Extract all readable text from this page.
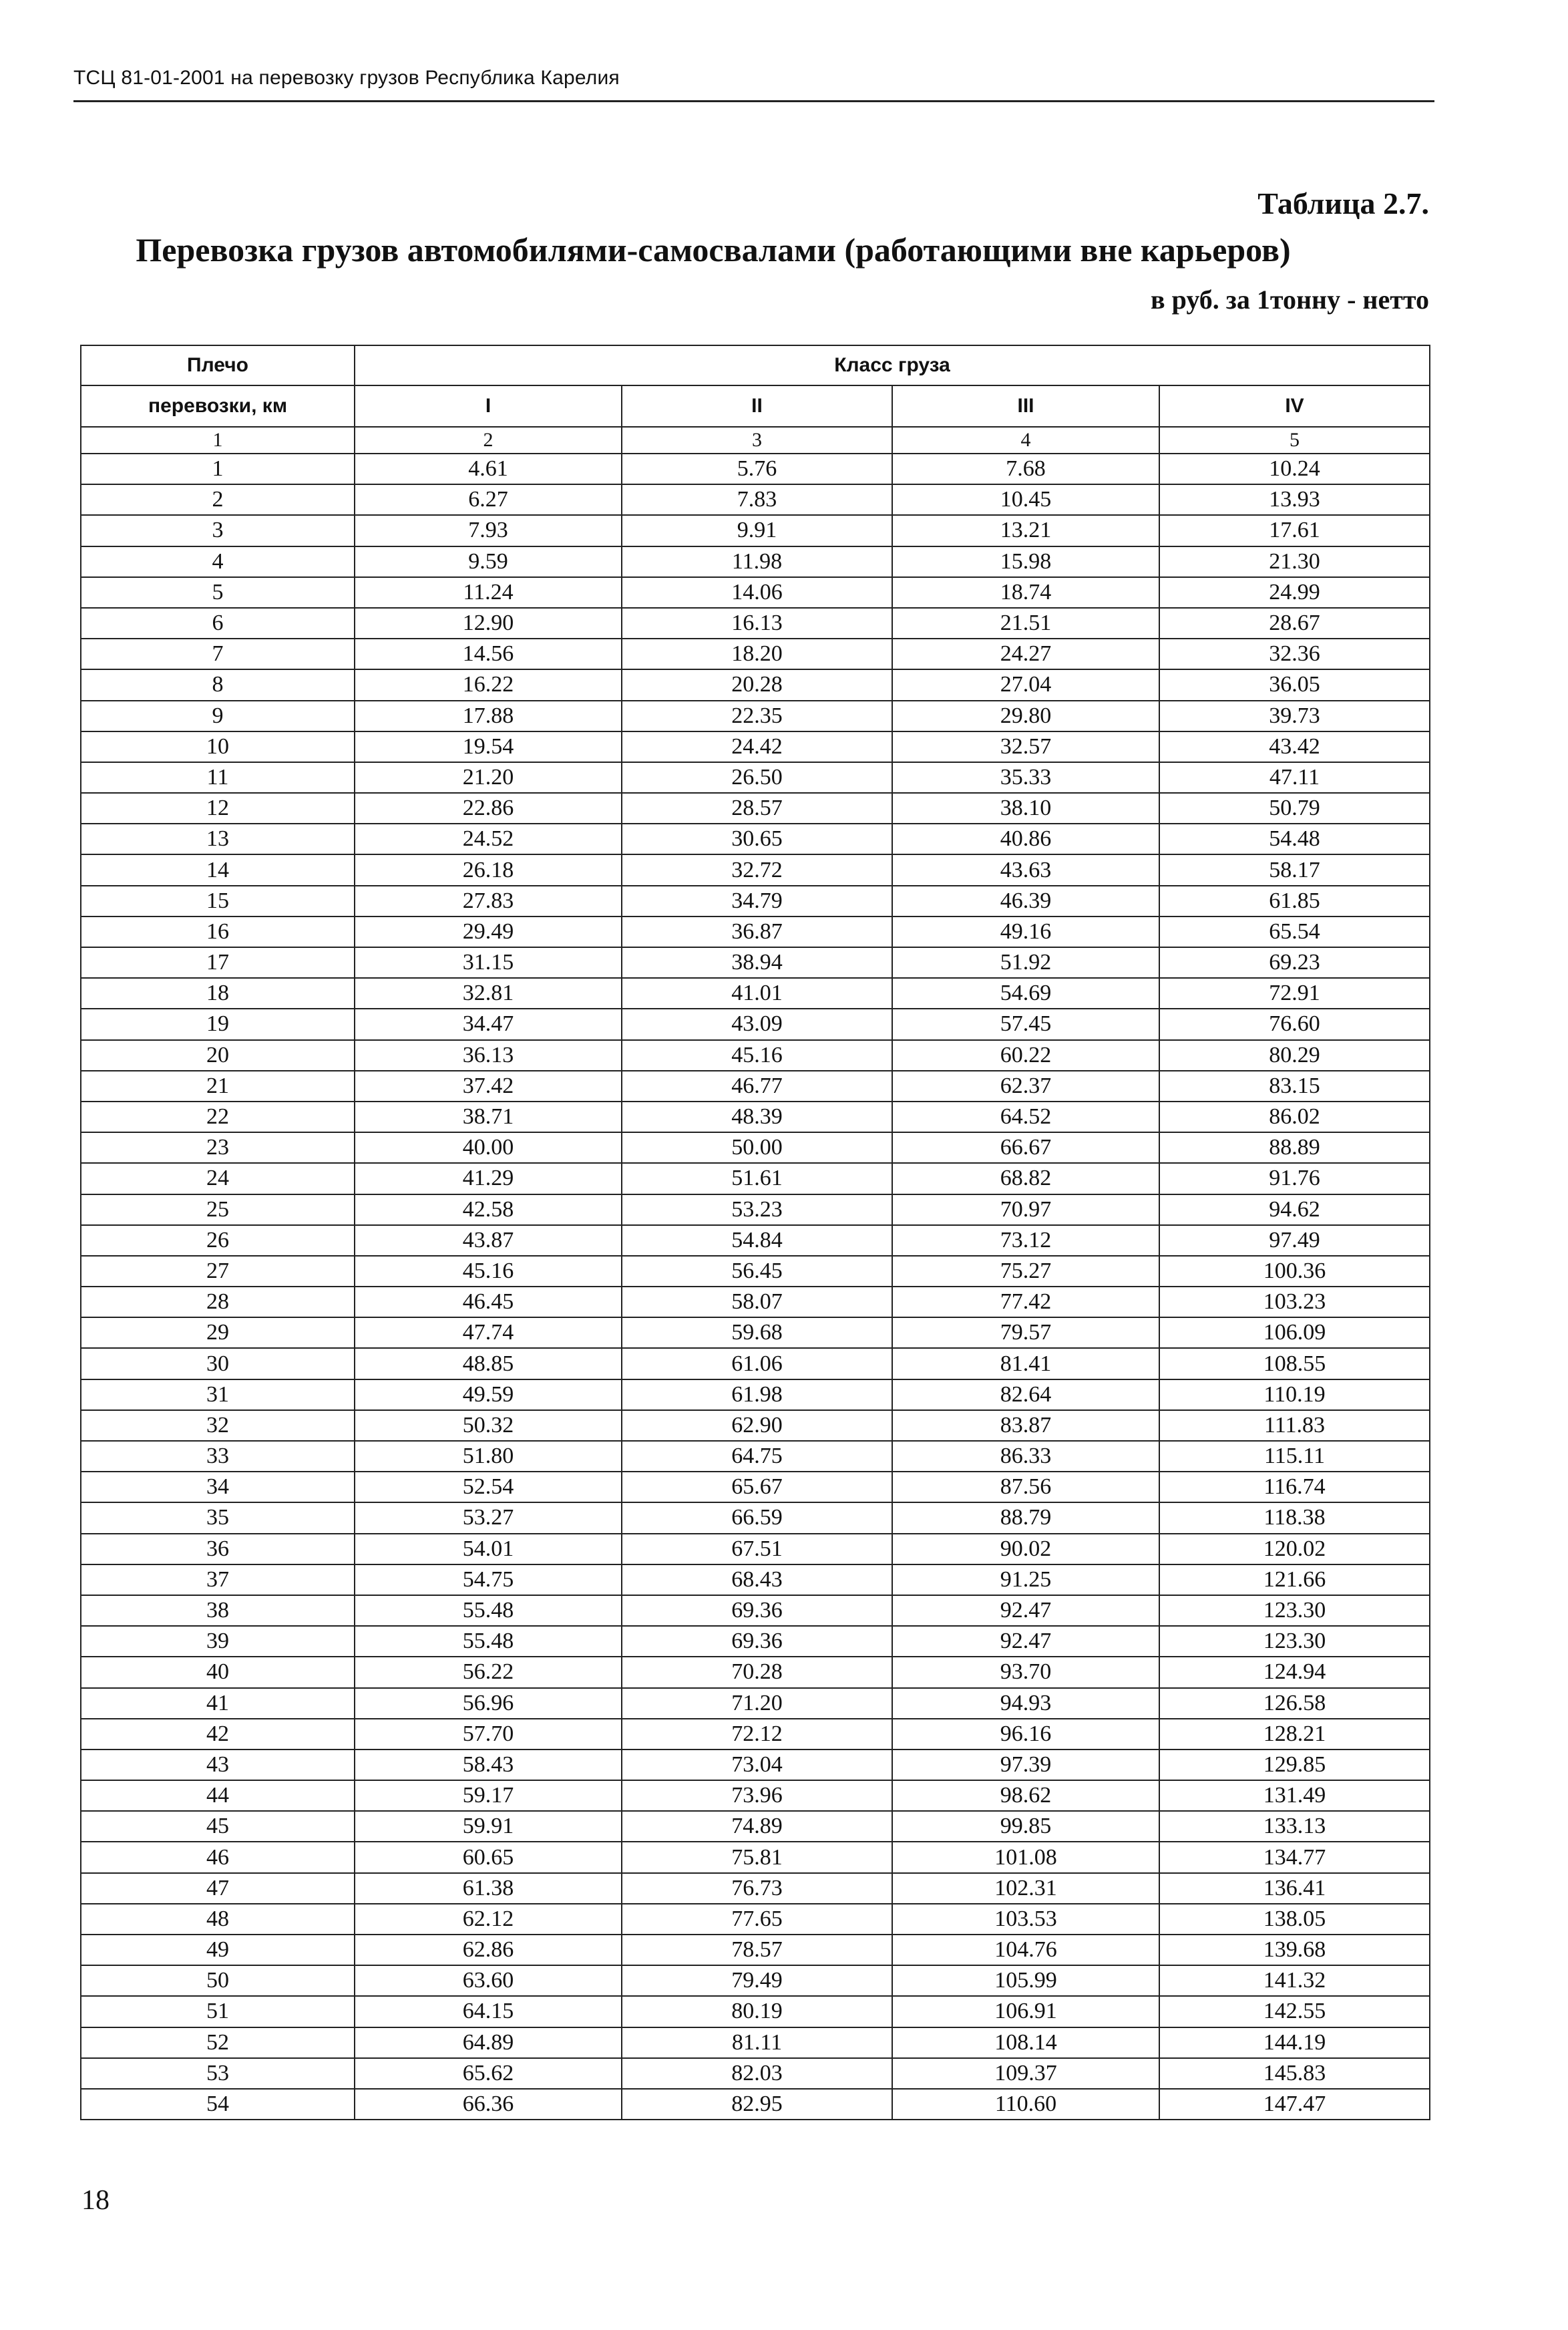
ТСЦ 81-01-2001 на перевозку грузов Республика Карелия
Таблица 2.7.
Перевозка грузов автомобилями-самосвалами (работающими вне карьеров)
в руб. за 1тонну - нетто
Плечо	Класс груза			
перевозки, км	I	II	III	IV
1	2	3	4	5
1	4.61	5.76	7.68	10.24
2	6.27	7.83	10.45	13.93
3	7.93	9.91	13.21	17.61
4	9.59	11.98	15.98	21.30
5	11.24	14.06	18.74	24.99
6	12.90	16.13	21.51	28.67
7	14.56	18.20	24.27	32.36
8	16.22	20.28	27.04	36.05
9	17.88	22.35	29.80	39.73
10	19.54	24.42	32.57	43.42
11	21.20	26.50	35.33	47.11
12	22.86	28.57	38.10	50.79
13	24.52	30.65	40.86	54.48
14	26.18	32.72	43.63	58.17
15	27.83	34.79	46.39	61.85
16	29.49	36.87	49.16	65.54
17	31.15	38.94	51.92	69.23
18	32.81	41.01	54.69	72.91
19	34.47	43.09	57.45	76.60
20	36.13	45.16	60.22	80.29
21	37.42	46.77	62.37	83.15
22	38.71	48.39	64.52	86.02
23	40.00	50.00	66.67	88.89
24	41.29	51.61	68.82	91.76
25	42.58	53.23	70.97	94.62
26	43.87	54.84	73.12	97.49
27	45.16	56.45	75.27	100.36
28	46.45	58.07	77.42	103.23
29	47.74	59.68	79.57	106.09
30	48.85	61.06	81.41	108.55
31	49.59	61.98	82.64	110.19
32	50.32	62.90	83.87	111.83
33	51.80	64.75	86.33	115.11
34	52.54	65.67	87.56	116.74
35	53.27	66.59	88.79	118.38
36	54.01	67.51	90.02	120.02
37	54.75	68.43	91.25	121.66
38	55.48	69.36	92.47	123.30
39	55.48	69.36	92.47	123.30
40	56.22	70.28	93.70	124.94
41	56.96	71.20	94.93	126.58
42	57.70	72.12	96.16	128.21
43	58.43	73.04	97.39	129.85
44	59.17	73.96	98.62	131.49
45	59.91	74.89	99.85	133.13
46	60.65	75.81	101.08	134.77
47	61.38	76.73	102.31	136.41
48	62.12	77.65	103.53	138.05
49	62.86	78.57	104.76	139.68
50	63.60	79.49	105.99	141.32
51	64.15	80.19	106.91	142.55
52	64.89	81.11	108.14	144.19
53	65.62	82.03	109.37	145.83
54	66.36	82.95	110.60	147.47
18
